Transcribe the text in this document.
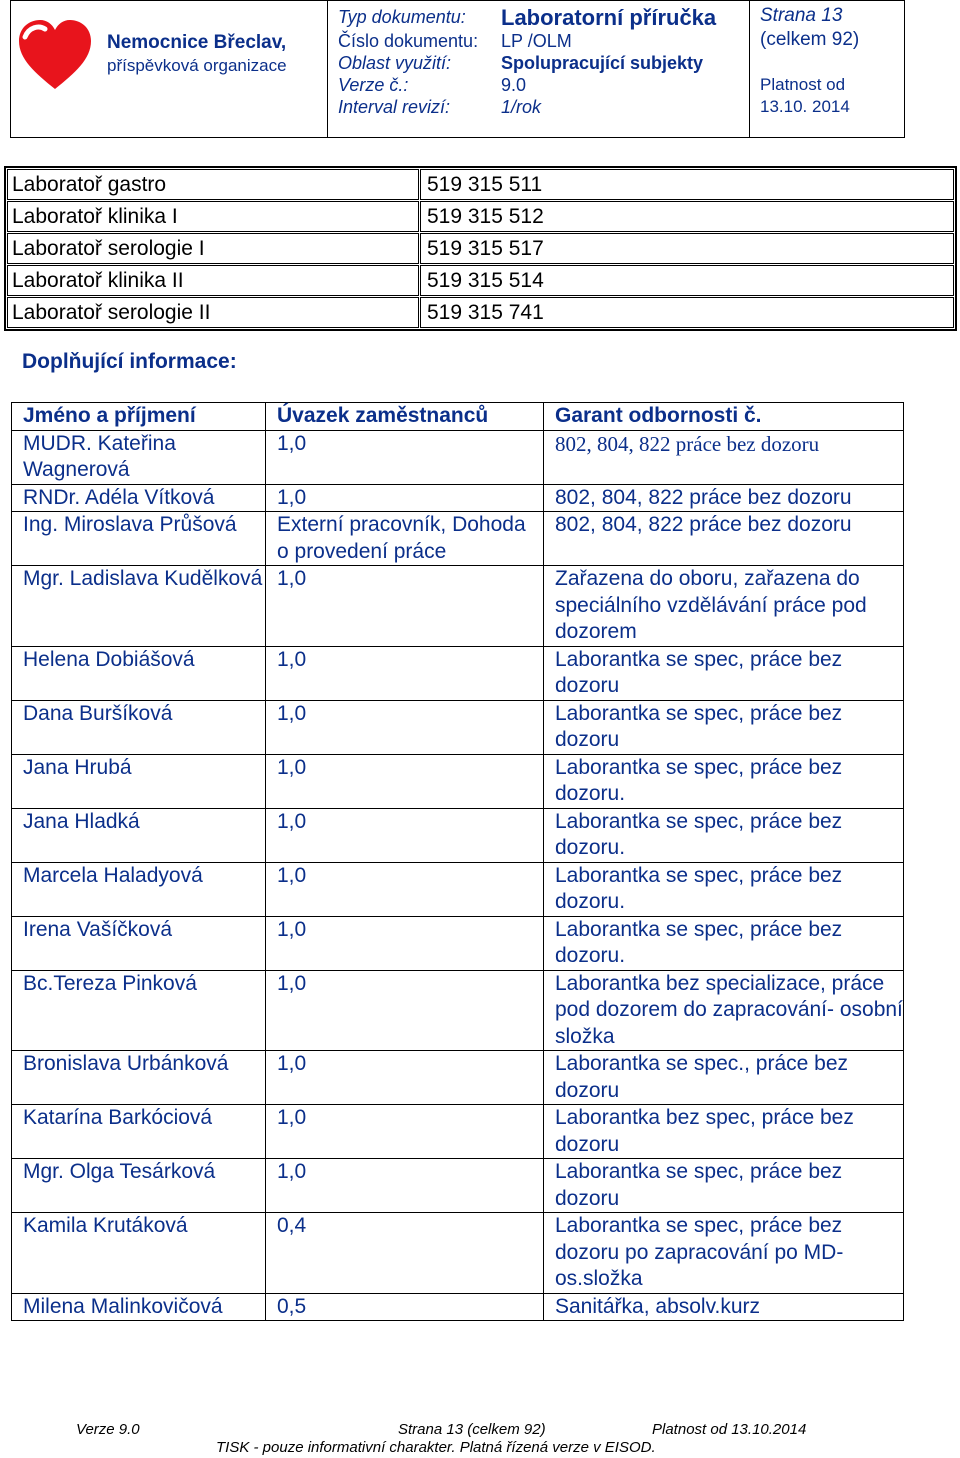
Nemocnice Břeclav,
příspěvková organizace
Typ dokumentu: Laboratorní příručka
Číslo dokumentu: LP /OLM
Oblast využití:	Spolupracující subjekty
Verze č.:	9.0
Interval revizí:	1/rok
Strana 13
(celkem 92)
Platnost od
13.10. 2014
Laboratoř gastro	519 315 511
Laboratoř klinika I	519 315 512
Laboratoř serologie I	519 315 517
Laboratoř klinika II	519 315 514
Laboratoř serologie II	519 315 741
Doplňující informace:
Jméno a příjmení	Úvazek zaměstnanců	Garant odbornosti č.
MUDR. Kateřina Wagnerová	1,0	802, 804, 822 práce bez dozoru
RNDr. Adéla Vítková	1,0	802, 804, 822 práce bez dozoru
Ing. Miroslava Průšová	Externí pracovník, Dohoda o provedení práce	802, 804, 822 práce bez dozoru
Mgr. Ladislava Kudělková	1,0	Zařazena do oboru, zařazena do speciálního vzdělávání práce pod dozorem
Helena Dobiášová	1,0	Laborantka se spec, práce bez dozoru
Dana Buršíková	1,0	Laborantka se spec, práce bez dozoru
Jana Hrubá	1,0	Laborantka se spec, práce bez dozoru.
Jana Hladká	1,0	Laborantka se spec, práce bez dozoru.
Marcela Haladyová	1,0	Laborantka se spec, práce bez dozoru.
Irena Vašíčková	1,0	Laborantka se spec, práce bez dozoru.
Bc.Tereza Pinková	1,0	Laborantka bez specializace, práce pod dozorem do zapracování- osobní složka
Bronislava Urbánková	1,0	Laborantka se spec., práce bez dozoru
Katarína Barkóciová	1,0	Laborantka bez spec, práce bez dozoru
Mgr. Olga Tesárková	1,0	Laborantka se spec, práce bez dozoru
Kamila Krutáková	0,4	Laborantka se spec, práce bez dozoru po zapracování po MD-os.složka
Milena Malinkovičová	0,5	Sanitářka, absolv.kurz
Verze 9.0	Strana 13 (celkem 92)	Platnost od 13.10.2014
TISK - pouze informativní charakter. Platná řízená verze v EISOD.
